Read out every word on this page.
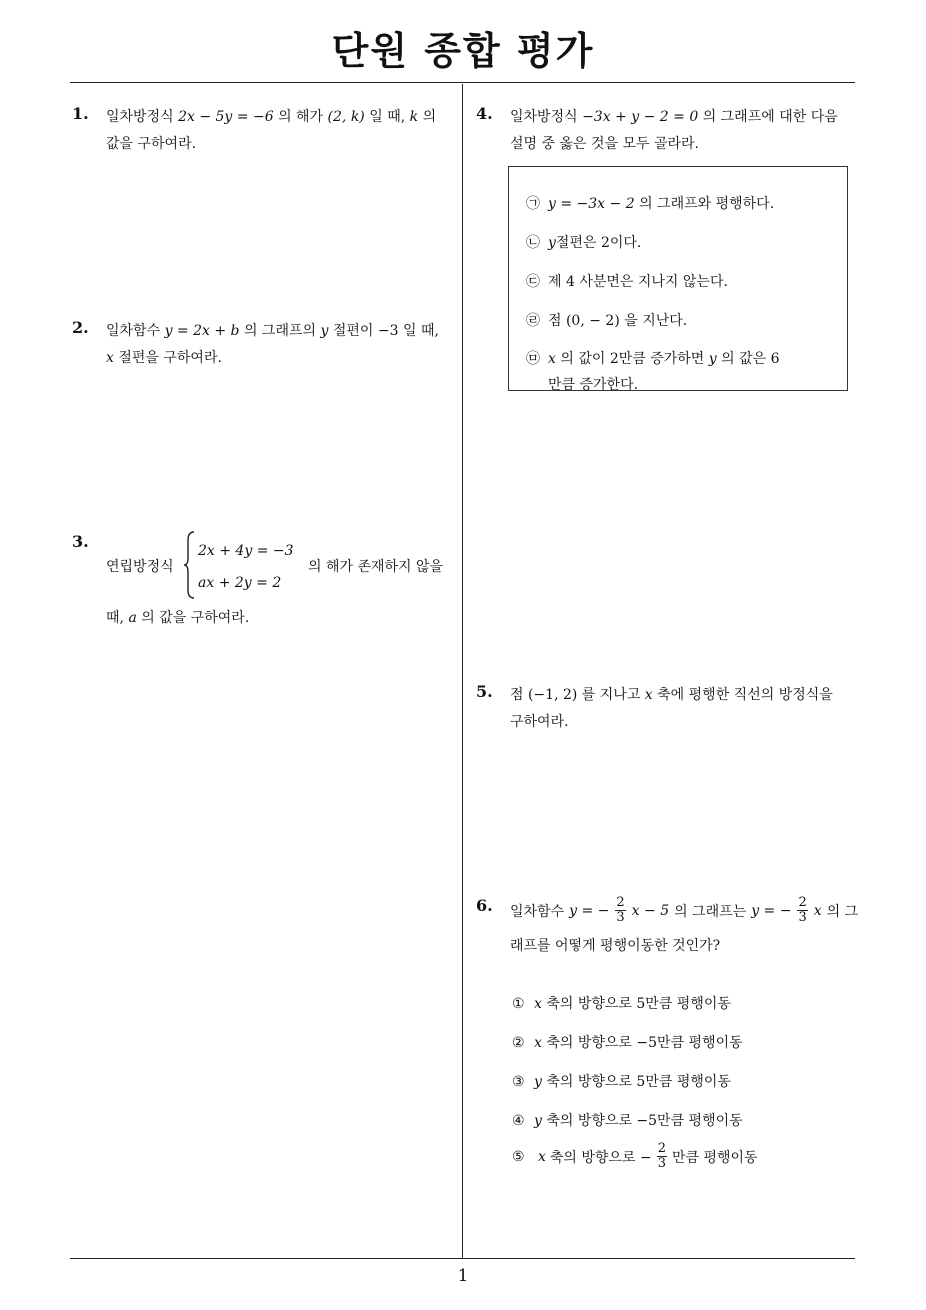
단원 종합 평가
1. 일차방정식 2x − 5y = −6 의 해가 (2, k) 일 때, k 의
값을 구하여라.
2. 일차함수 y = 2x + b 의 그래프의 y 절편이 −3 일 때,
x 절편을 구하여라.
3.
연립방정식
2x + 4y = −3
ax + 2y = 2
의 해가 존재하지 않을
때, a 의 값을 구하여라.
4. 일차방정식 −3x + y − 2 = 0 의 그래프에 대한 다음
설명 중 옳은 것을 모두 골라라.
㉠ y = −3x − 2 의 그래프와 평행하다.
㉡ y절편은 2이다.
㉢ 제 4 사분면은 지나지 않는다.
㉣ 점 (0, − 2) 을 지난다.
㉤ x 의 값이 2만큼 증가하면 y 의 값은 6
만큼 증가한다.
5. 점 (−1, 2) 를 지나고 x 축에 평행한 직선의 방정식을
구하여라.
6. 일차함수 y = − $\frac{2}{3}$ x − 5 의 그래프는 y = − $\frac{2}{3}$ x 의 그
래프를 어떻게 평행이동한 것인가?
① x 축의 방향으로 5만큼 평행이동
② x 축의 방향으로 −5만큼 평행이동
③ y 축의 방향으로 5만큼 평행이동
④ y 축의 방향으로 −5만큼 평행이동
⑤ x 축의 방향으로 − $\frac{2}{3}$ 만큼 평행이동
1
